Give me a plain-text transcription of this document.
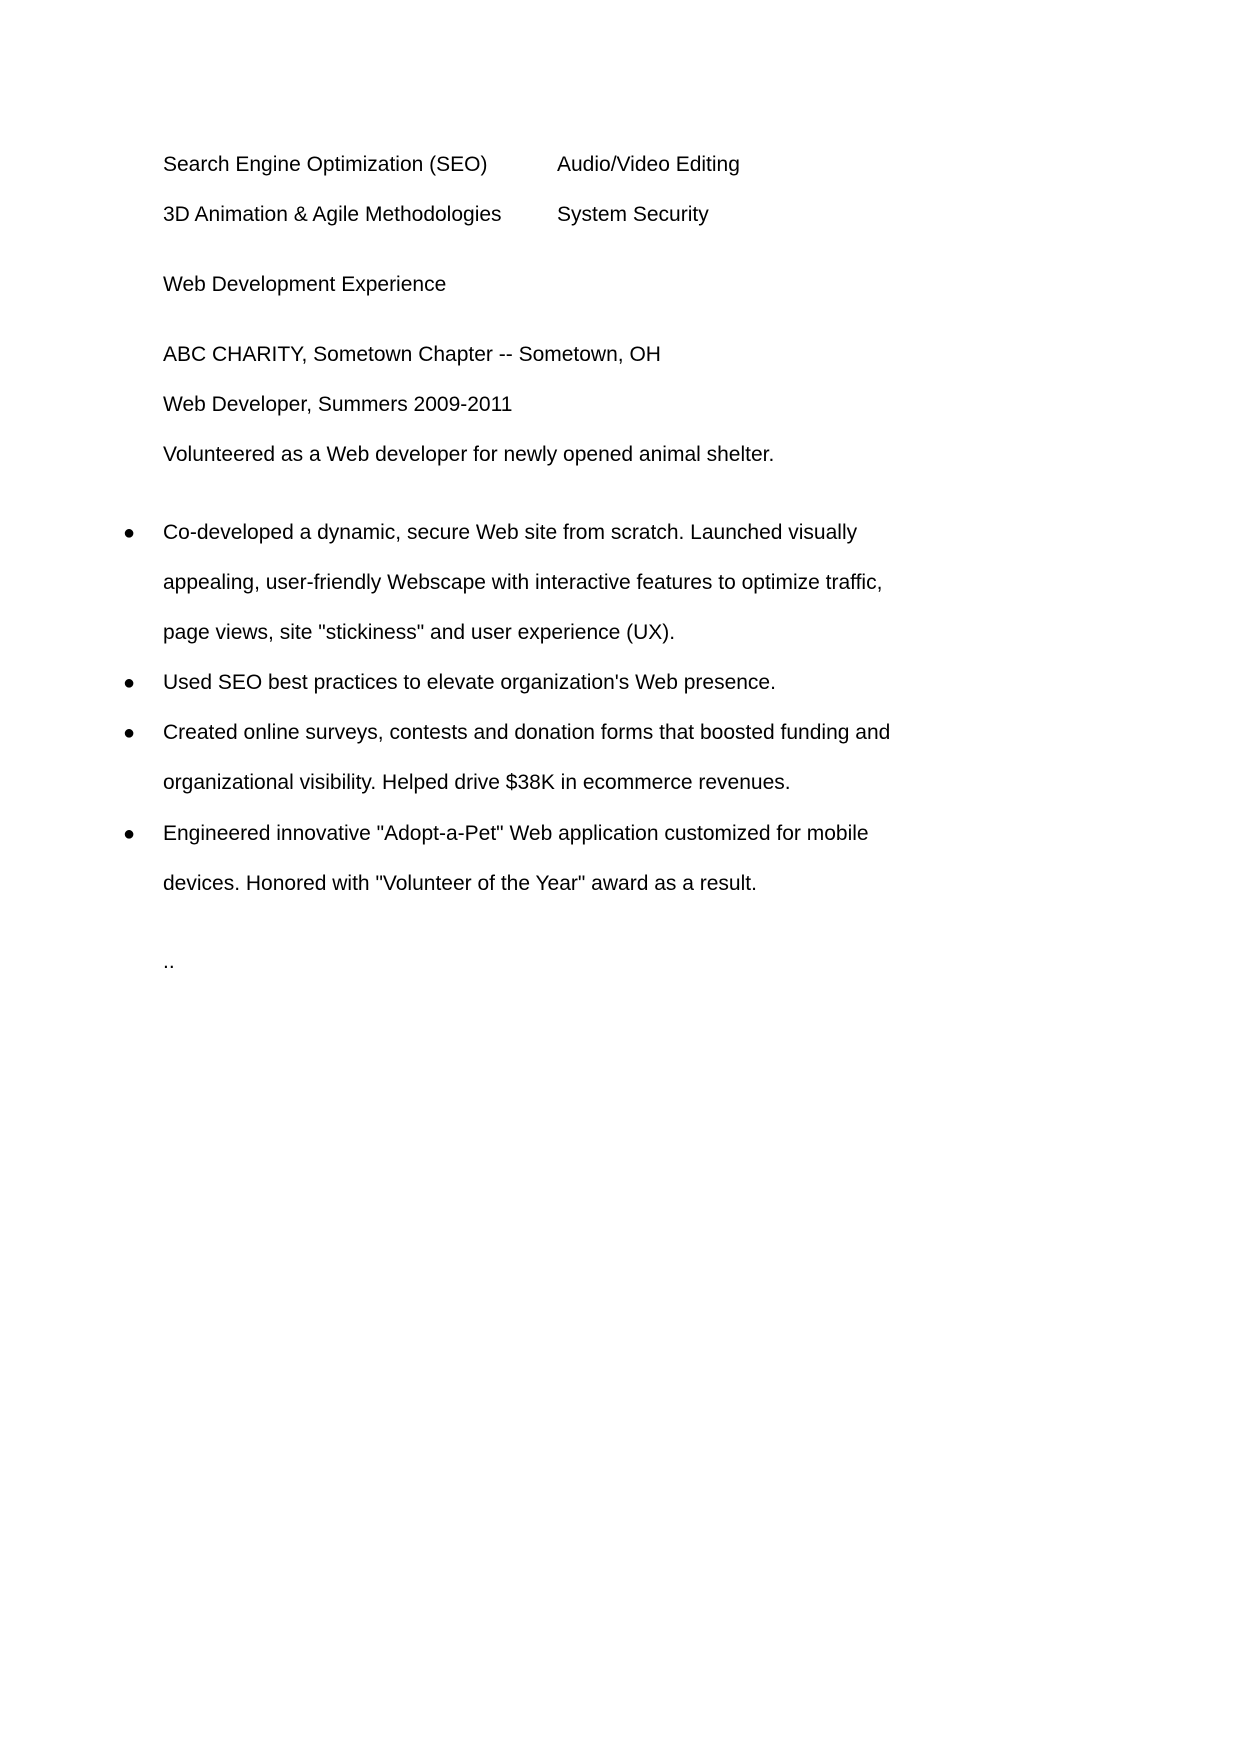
Search Engine Optimization (SEO)	Audio/Video Editing
3D Animation & Agile Methodologies	System Security
Web Development Experience
ABC CHARITY, Sometown Chapter -- Sometown, OH
Web Developer, Summers 2009-2011
Volunteered as a Web developer for newly opened animal shelter.
● Co-developed a dynamic, secure Web site from scratch. Launched visually
appealing, user-friendly Webscape with interactive features to optimize traffic,
page views, site "stickiness" and user experience (UX).
● Used SEO best practices to elevate organization's Web presence.
● Created online surveys, contests and donation forms that boosted funding and
organizational visibility. Helped drive $38K in ecommerce revenues.
● Engineered innovative "Adopt-a-Pet" Web application customized for mobile
devices. Honored with "Volunteer of the Year" award as a result.
..
